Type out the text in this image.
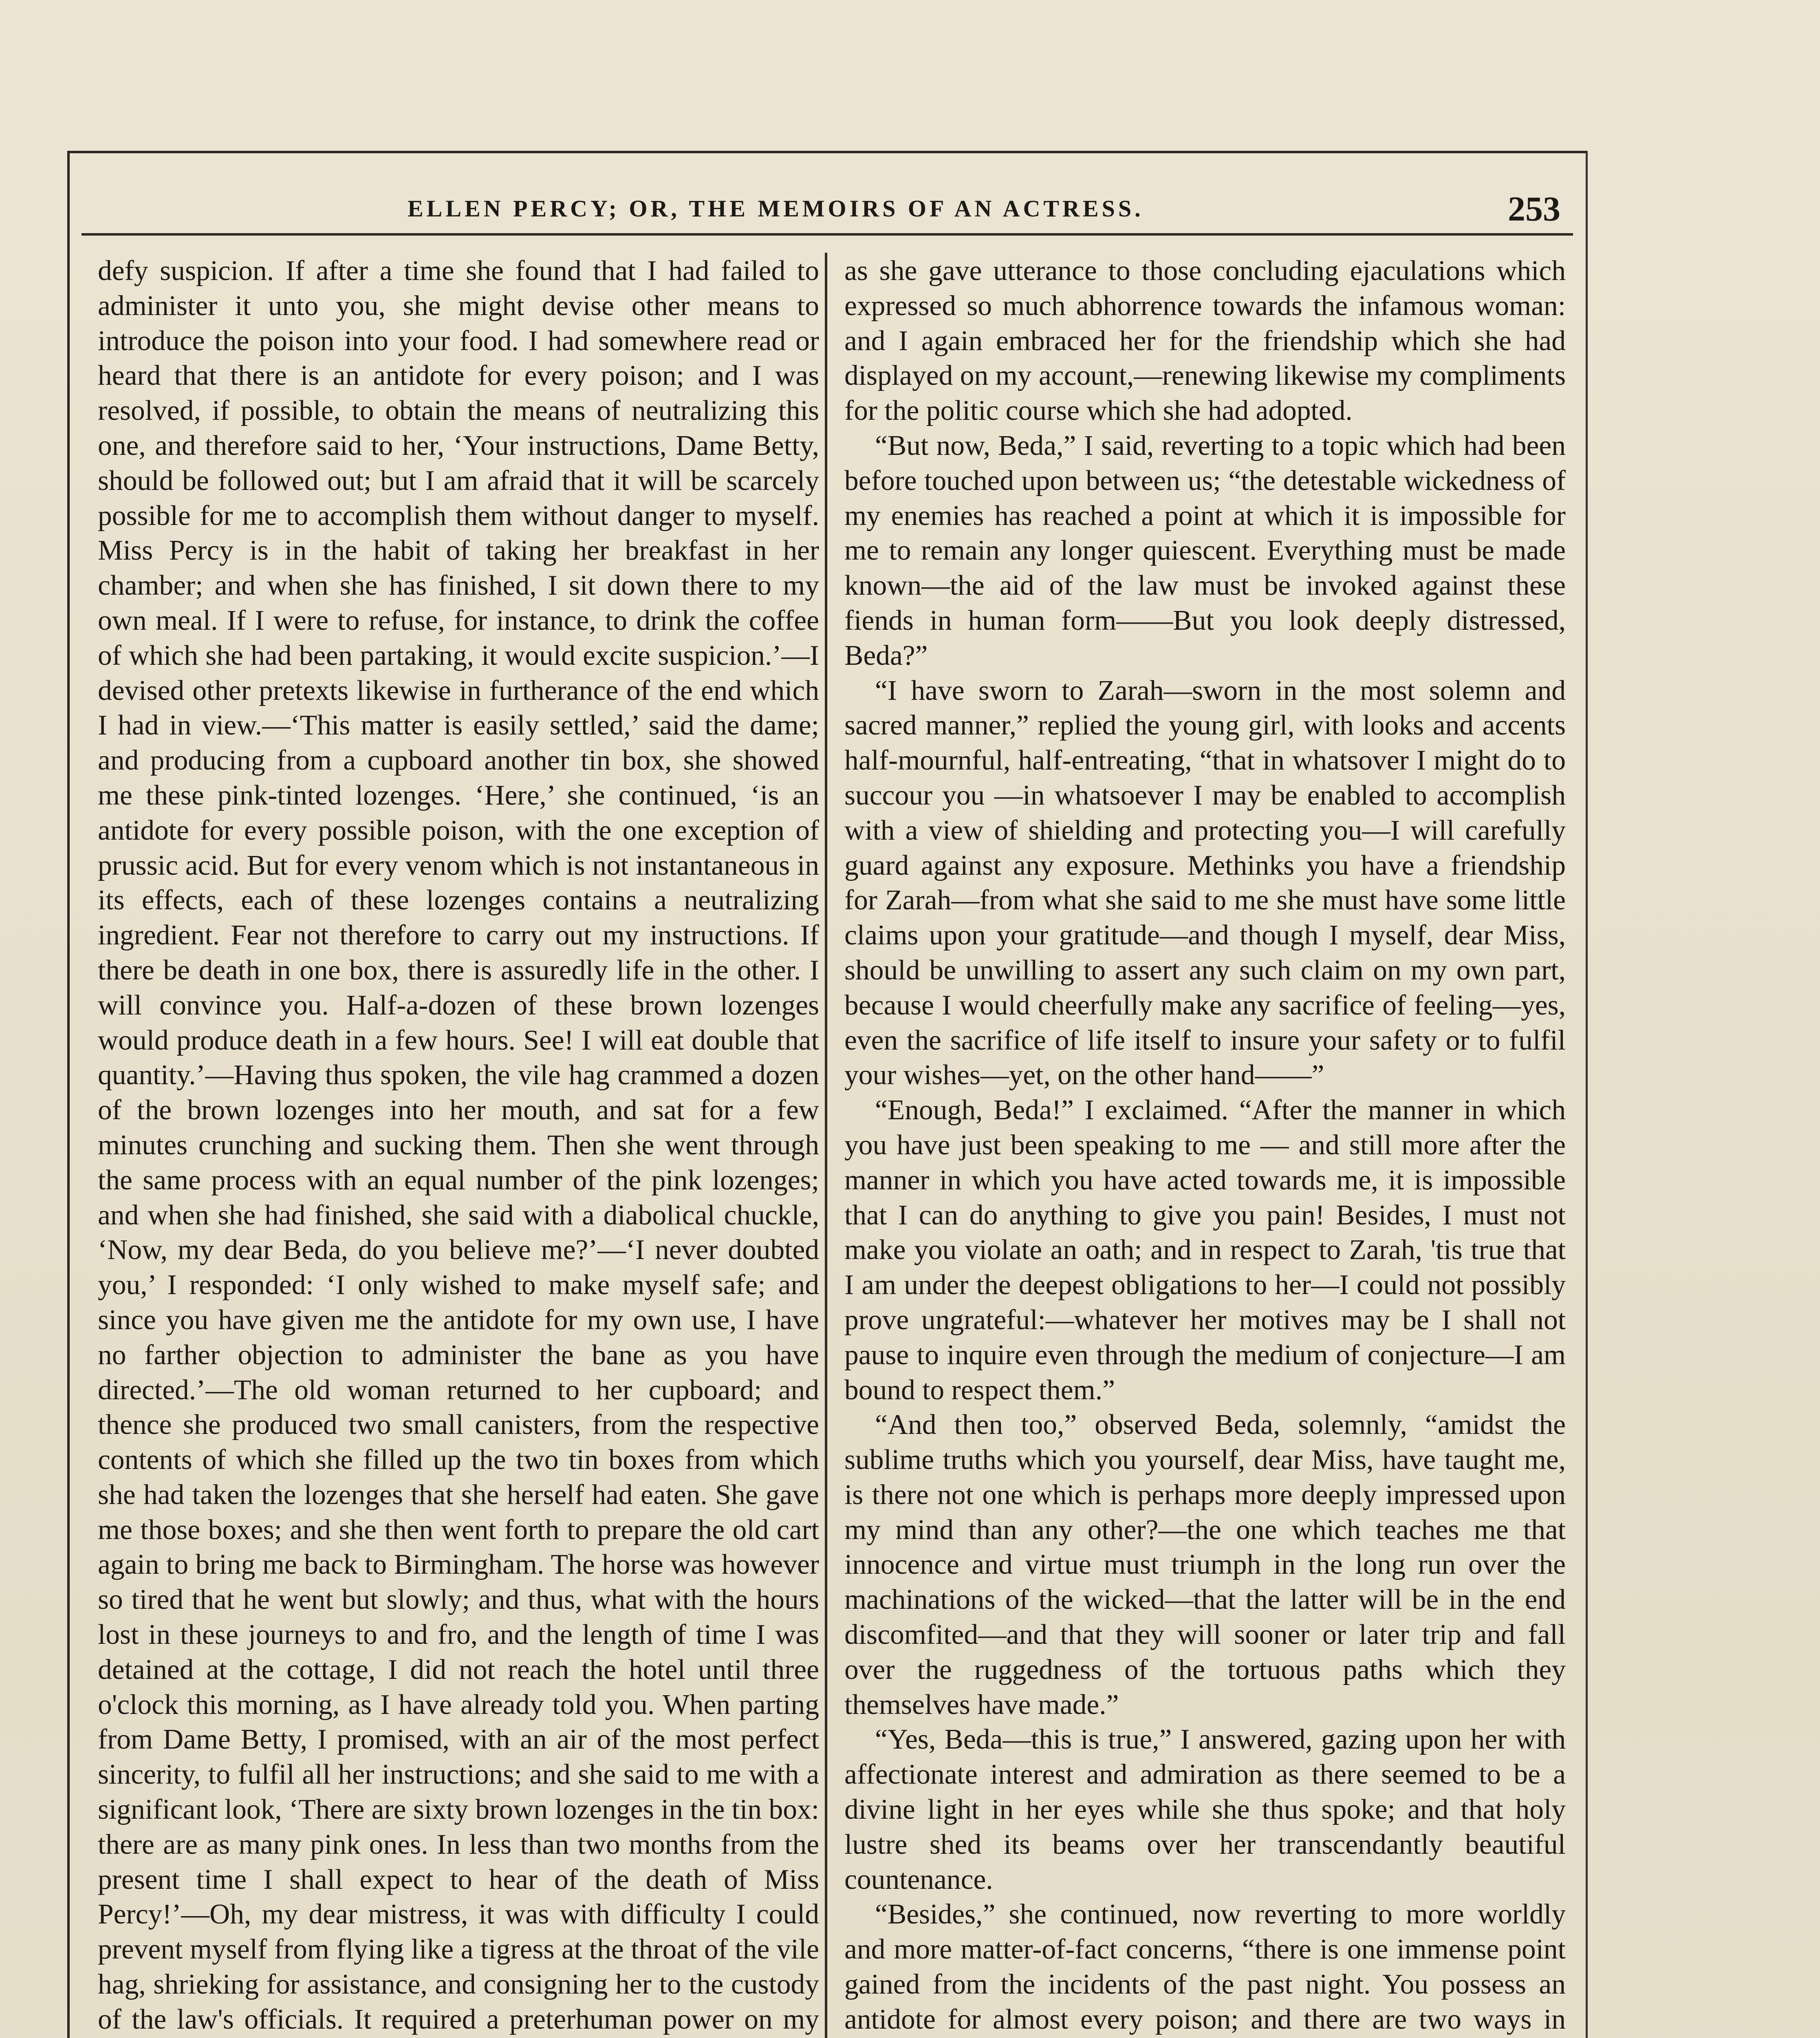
ELLEN PERCY; OR, THE MEMOIRS OF AN ACTRESS.	253

defy suspicion. If after a time she found that I had failed to administer it unto you, she might devise other means to introduce the poison into your food. I had somewhere read or heard that there is an antidote for every poison; and I was resolved, if possible, to obtain the means of neutralizing this one, and therefore said to her, ‘Your instructions, Dame Betty, should be followed out; but I am afraid that it will be scarcely possible for me to accomplish them without danger to myself. Miss Percy is in the habit of taking her breakfast in her chamber; and when she has finished, I sit down there to my own meal. If I were to refuse, for instance, to drink the coffee of which she had been partaking, it would excite suspicion.’—I devised other pretexts likewise in furtherance of the end which I had in view.—‘This matter is easily settled,’ said the dame; and producing from a cupboard another tin box, she showed me these pink-tinted lozenges. ‘Here,’ she continued, ‘is an antidote for every possible poison, with the one exception of prussic acid. But for every venom which is not instantaneous in its effects, each of these lozenges contains a neutralizing ingredient. Fear not therefore to carry out my instructions. If there be death in one box, there is assuredly life in the other. I will convince you. Half-a-dozen of these brown lozenges would produce death in a few hours. See! I will eat double that quantity.’—Having thus spoken, the vile hag crammed a dozen of the brown lozenges into her mouth, and sat for a few minutes crunching and sucking them. Then she went through the same process with an equal number of the pink lozenges; and when she had finished, she said with a diabolical chuckle, ‘Now, my dear Beda, do you believe me?’—‘I never doubted you,’ I responded: ‘I only wished to make myself safe; and since you have given me the antidote for my own use, I have no farther objection to administer the bane as you have directed.’—The old woman returned to her cupboard; and thence she produced two small canisters, from the respective contents of which she filled up the two tin boxes from which she had taken the lozenges that she herself had eaten. She gave me those boxes; and she then went forth to prepare the old cart again to bring me back to Birmingham. The horse was however so tired that he went but slowly; and thus, what with the hours lost in these journeys to and fro, and the length of time I was detained at the cottage, I did not reach the hotel until three o'clock this morning, as I have already told you. When parting from Dame Betty, I promised, with an air of the most perfect sincerity, to fulfil all her instructions; and she said to me with a significant look, ‘There are sixty brown lozenges in the tin box: there are as many pink ones. In less than two months from the present time I shall expect to hear of the death of Miss Percy!’—Oh, my dear mistress, it was with difficulty I could prevent myself from flying like a tigress at the throat of the vile hag, shrieking for assistance, and consigning her to the custody of the law's officials. It required a preterhuman power on my

as she gave utterance to those concluding ejaculations which expressed so much abhorrence towards the infamous woman: and I again embraced her for the friendship which she had displayed on my account,—renewing likewise my compliments for the politic course which she had adopted.

“But now, Beda,” I said, reverting to a topic which had been before touched upon between us; “the detestable wickedness of my enemies has reached a point at which it is impossible for me to remain any longer quiescent. Everything must be made known—the aid of the law must be invoked against these fiends in human form——But you look deeply distressed, Beda?”

“I have sworn to Zarah—sworn in the most solemn and sacred manner,” replied the young girl, with looks and accents half-mournful, half-entreating, “that in whatsover I might do to succour you —in whatsoever I may be enabled to accomplish with a view of shielding and protecting you—I will carefully guard against any exposure. Methinks you have a friendship for Zarah—from what she said to me she must have some little claims upon your gratitude—and though I myself, dear Miss, should be unwilling to assert any such claim on my own part, because I would cheerfully make any sacrifice of feeling—yes, even the sacrifice of life itself to insure your safety or to fulfil your wishes—yet, on the other hand——”

“Enough, Beda!” I exclaimed. “After the manner in which you have just been speaking to me — and still more after the manner in which you have acted towards me, it is impossible that I can do anything to give you pain! Besides, I must not make you violate an oath; and in respect to Zarah, 'tis true that I am under the deepest obligations to her—I could not possibly prove ungrateful:—whatever her motives may be I shall not pause to inquire even through the medium of conjecture—I am bound to respect them.”

“And then too,” observed Beda, solemnly, “amidst the sublime truths which you yourself, dear Miss, have taught me, is there not one which is perhaps more deeply impressed upon my mind than any other?—the one which teaches me that innocence and virtue must triumph in the long run over the machinations of the wicked—that the latter will be in the end discomfited—and that they will sooner or later trip and fall over the ruggedness of the tortuous paths which they themselves have made.”

“Yes, Beda—this is true,” I answered, gazing upon her with affectionate interest and admiration as there seemed to be a divine light in her eyes while she thus spoke; and that holy lustre shed its beams over her transcendantly beautiful countenance.

“Besides,” she continued, now reverting to more worldly and more matter-of-fact concerns, “there is one immense point gained from the incidents of the past night. You possess an antidote for almost every poison; and there are two ways in
